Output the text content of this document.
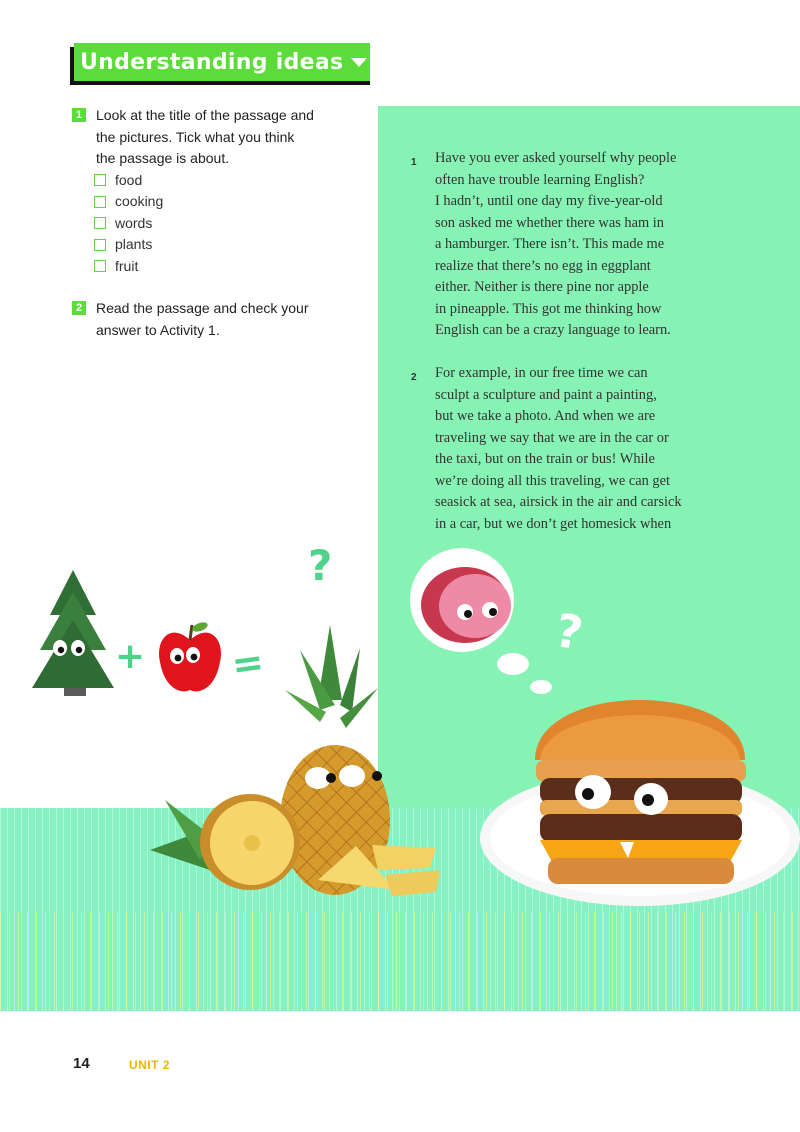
Understanding ideas
1 Look at the title of the passage and
the pictures. Tick what you think
the passage is about.
food
cooking
words
plants
fruit
2 Read the passage and check your
answer to Activity 1.
1 Have you ever asked yourself why people
often have trouble learning English?
I hadn’t, until one day my five-year-old
son asked me whether there was ham in
a hamburger. There isn’t. This made me
realize that there’s no egg in eggplant
either. Neither is there pine nor apple
in pineapple. This got me thinking how
English can be a crazy language to learn.
2 For example, in our free time we can
sculpt a sculpture and paint a painting,
but we take a photo. And when we are
traveling we say that we are in the car or
the taxi, but on the train or bus! While
we’re doing all this traveling, we can get
seasick at sea, airsick in the air and carsick
in a car, but we don’t get homesick when
+ =
?
?
14	UNIT 2
